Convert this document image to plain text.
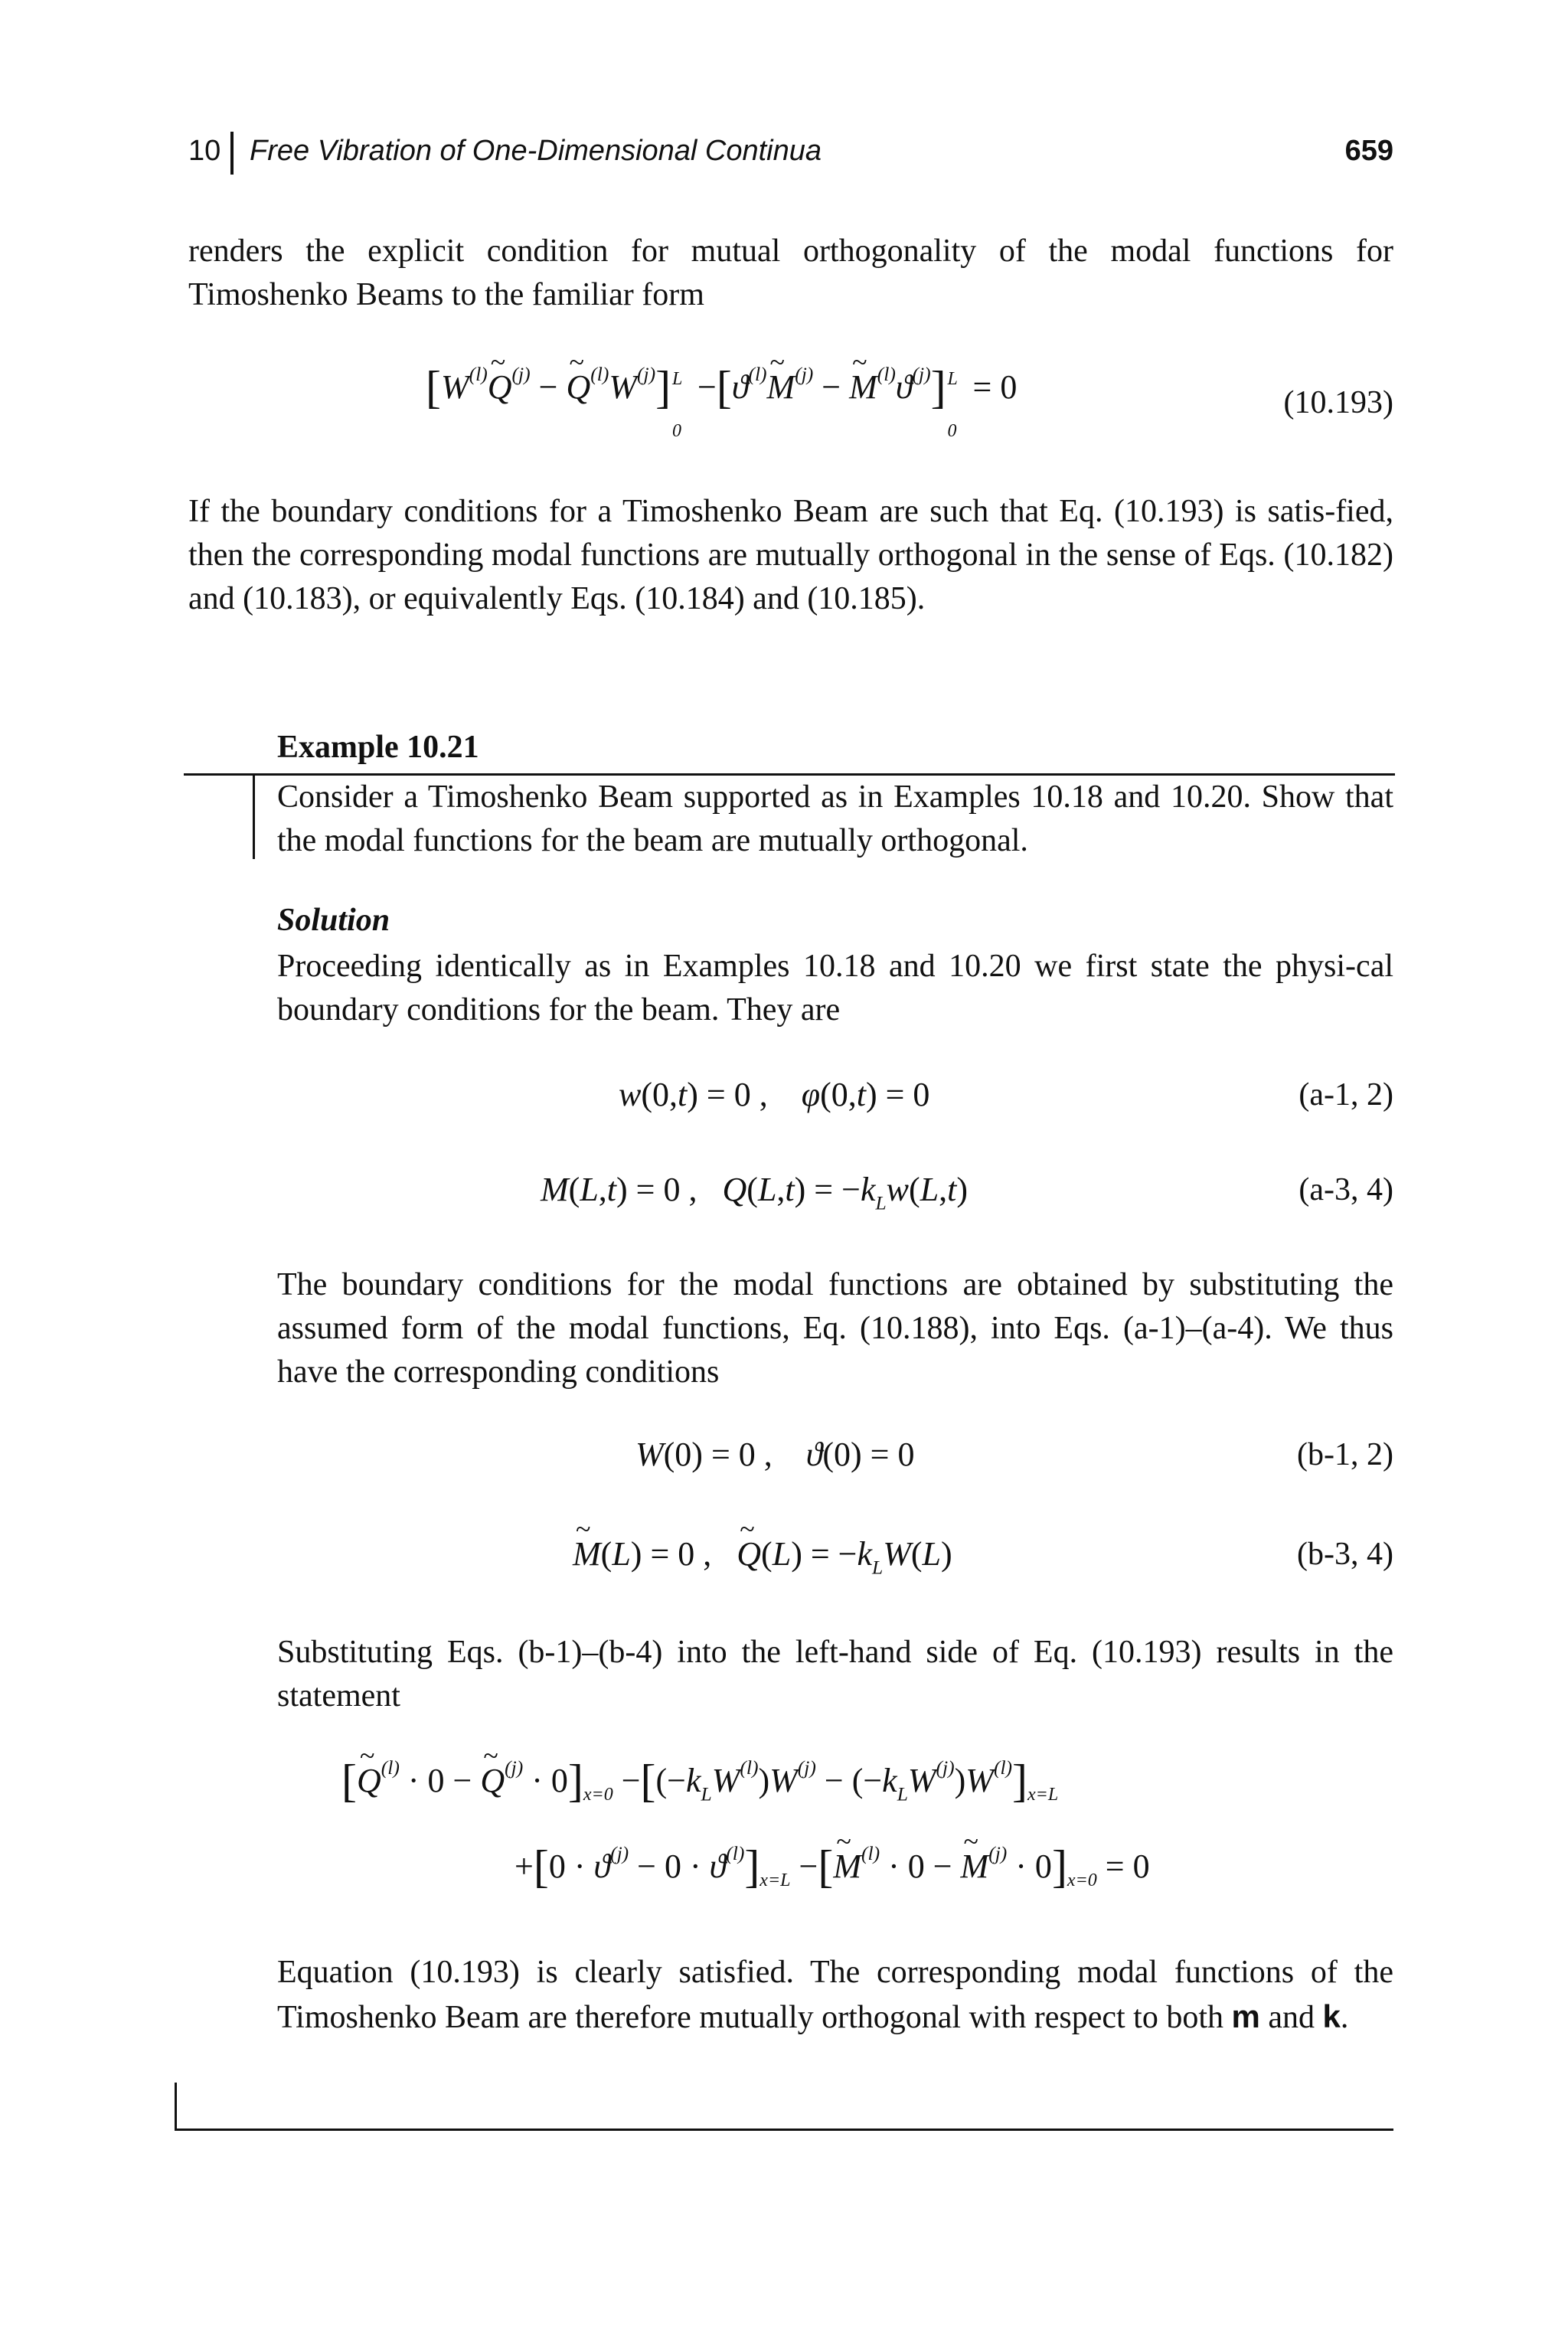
10 Free Vibration of One-Dimensional Continua	659
renders the explicit condition for mutual orthogonality of the modal functions for Timoshenko Beams to the familiar form
[$W^{(l)}\sim$ $Q^{(j)}$ − ~ $Q^{(l)}W^{(j)}$] L
0
$-[ϑ^{(l)}\sim$ $M^{(j)}$ − ~ $M^{(l)}ϑ^{(j)}$] L
0
= 0	(10.193)
If the boundary conditions for a Timoshenko Beam are such that Eq. (10.193) is satis-fied, then the corresponding modal functions are mutually orthogonal in the sense of Eqs. (10.182) and (10.183), or equivalently Eqs. (10.184) and (10.185).
Example 10.21
Consider a Timoshenko Beam supported as in Examples 10.18 and 10.20. Show that the modal functions for the beam are mutually orthogonal.
Solution
Proceeding identically as in Examples 10.18 and 10.20 we first state the physi-cal boundary conditions for the beam. They are
w(0,t) = 0 ,    φ(0,t) = 0	(a-1, 2)
M(L,t) = 0 ,   $Q(L,t) = -k_Lw(L,t)$	(a-3, 4)
The boundary conditions for the modal functions are obtained by substituting the assumed form of the modal functions, Eq. (10.188), into Eqs. (a-1)–(a-4). We thus have the corresponding conditions
W(0) = 0 ,    ϑ(0) = 0	(b-1, 2)
~ M(L) = 0 , ~ $Q(L) = -k_LW(L)$	(b-3, 4)
Substituting Eqs. (b-1)–(b-4) into the left-hand side of Eq. (10.193) results in the statement
[~ $Q^{(l)} \cdot 0$ − ~ $Q^{(j)} \cdot 0]_{x=0} -[(-k_LW^{(l)})W^{(j)} - (-k_LW^{(j)})W^{(l)}]_{x=L}$
$+[0 \cdot ϑ^{(j)} - 0 \cdot ϑ^{(l)}]_{x=L}$ −[~ $M^{(l)} \cdot 0$ − ~ $M^{(j)} \cdot 0]_{x=0} = 0$
Equation (10.193) is clearly satisfied. The corresponding modal functions of the Timoshenko Beam are therefore mutually orthogonal with respect to both m and k.
